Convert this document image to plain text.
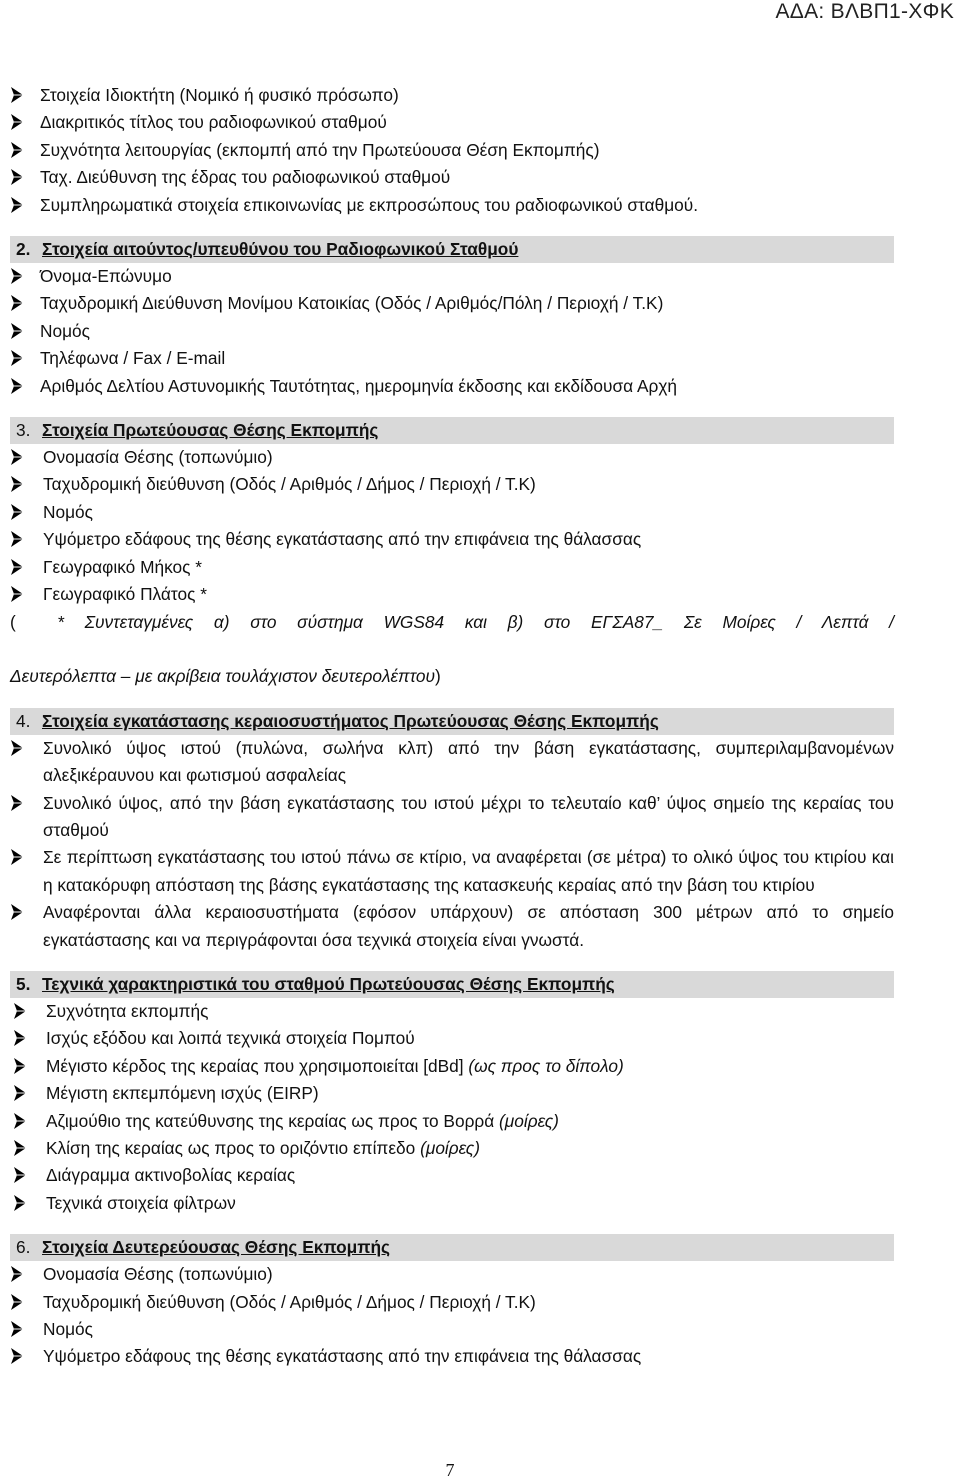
ΑΔΑ: ΒΛΒΠ1-ΧΦΚ
Στοιχεία Ιδιοκτήτη (Νομικό ή φυσικό πρόσωπο)
Διακριτικός τίτλος του ραδιοφωνικού σταθμού
Συχνότητα λειτουργίας (εκπομπή από την Πρωτεύουσα Θέση Εκπομπής)
Ταχ. Διεύθυνση της έδρας του ραδιοφωνικού σταθμού
Συμπληρωματικά στοιχεία επικοινωνίας με εκπροσώπους του ραδιοφωνικού σταθμού.
2. Στοιχεία αιτούντος/υπευθύνου του Ραδιοφωνικού Σταθμού
Όνομα-Επώνυμο
Ταχυδρομική Διεύθυνση Μονίμου Κατοικίας (Οδός / Αριθμός/Πόλη / Περιοχή / Τ.Κ)
Νομός
Τηλέφωνα / Fax / E-mail
Αριθμός Δελτίου Αστυνομικής Ταυτότητας, ημερομηνία έκδοσης και εκδίδουσα Αρχή
3. Στοιχεία Πρωτεύουσας Θέσης Εκπομπής
Ονομασία Θέσης (τοπωνύμιο)
Ταχυδρομική διεύθυνση (Οδός / Αριθμός / Δήμος / Περιοχή / Τ.Κ)
Νομός
Υψόμετρο εδάφους της θέσης εγκατάστασης από την επιφάνεια της θάλασσας
Γεωγραφικό Μήκος *
Γεωγραφικό Πλάτος *
( * Συντεταγμένες α) στο σύστημα WGS84 και β) στο ΕΓΣΑ87_ Σε Μοίρες / Λεπτά /
Δευτερόλεπτα – με ακρίβεια τουλάχιστον δευτερολέπτου)
4. Στοιχεία εγκατάστασης κεραιοσυστήματος Πρωτεύουσας Θέσης Εκπομπής
Συνολικό ύψος ιστού (πυλώνα, σωλήνα κλπ) από την βάση εγκατάστασης, συμπεριλαμβανομένων αλεξικέραυνου και φωτισμού ασφαλείας
Συνολικό ύψος, από την βάση εγκατάστασης του ιστού μέχρι το τελευταίο καθ’ ύψος σημείο της κεραίας του σταθμού
Σε περίπτωση εγκατάστασης του ιστού πάνω σε κτίριο, να αναφέρεται (σε μέτρα) το ολικό ύψος του κτιρίου και η κατακόρυφη απόσταση της βάσης εγκατάστασης της κατασκευής κεραίας από την βάση του κτιρίου
Αναφέρονται άλλα κεραιοσυστήματα (εφόσον υπάρχουν) σε απόσταση 300 μέτρων από το σημείο εγκατάστασης και να περιγράφονται όσα τεχνικά στοιχεία είναι γνωστά.
5. Τεχνικά χαρακτηριστικά του σταθμού Πρωτεύουσας Θέσης Εκπομπής
Συχνότητα εκπομπής
Ισχύς εξόδου και λοιπά τεχνικά στοιχεία Πομπού
Μέγιστο κέρδος της κεραίας που χρησιμοποιείται [dBd] (ως προς το δίπολο)
Μέγιστη εκπεμπόμενη ισχύς (EIRP)
Αζιμούθιο της κατεύθυνσης της κεραίας ως προς το Βορρά (μοίρες)
Κλίση της κεραίας ως προς το οριζόντιο επίπεδο (μοίρες)
Διάγραμμα ακτινοβολίας κεραίας
Τεχνικά στοιχεία φίλτρων
6. Στοιχεία Δευτερεύουσας Θέσης Εκπομπής
Ονομασία Θέσης (τοπωνύμιο)
Ταχυδρομική διεύθυνση (Οδός / Αριθμός / Δήμος / Περιοχή / Τ.Κ)
Νομός
Υψόμετρο εδάφους της θέσης εγκατάστασης από την επιφάνεια της θάλασσας
7
